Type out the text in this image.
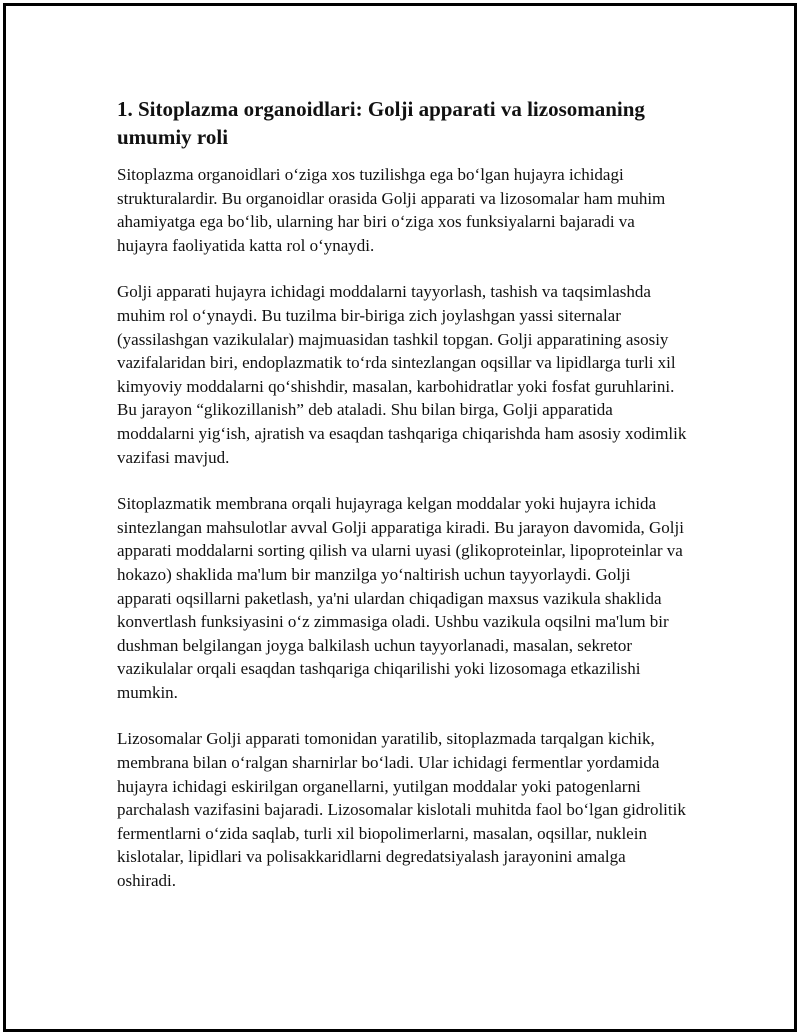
1. Sitoplazma organoidlari: Golji apparati va lizosomaning umumiy roli

Sitoplazma organoidlari o‘ziga xos tuzilishga ega bo‘lgan hujayra ichidagi strukturalardir. Bu organoidlar orasida Golji apparati va lizosomalar ham muhim ahamiyatga ega bo‘lib, ularning har biri o‘ziga xos funksiyalarni bajaradi va hujayra faoliyatida katta rol o‘ynaydi.

Golji apparati hujayra ichidagi moddalarni tayyorlash, tashish va taqsimlashda muhim rol o‘ynaydi. Bu tuzilma bir-biriga zich joylashgan yassi siternalar (yassilashgan vazikulalar) majmuasidan tashkil topgan. Golji apparatining asosiy vazifalaridan biri, endoplazmatik to‘rda sintezlangan oqsillar va lipidlarga turli xil kimyoviy moddalarni qo‘shishdir, masalan, karbohidratlar yoki fosfat guruhlarini. Bu jarayon “glikozillanish” deb ataladi. Shu bilan birga, Golji apparatida moddalarni yig‘ish, ajratish va esaqdan tashqariga chiqarishda ham asosiy xodimlik vazifasi mavjud.

Sitoplazmatik membrana orqali hujayraga kelgan moddalar yoki hujayra ichida sintezlangan mahsulotlar avval Golji apparatiga kiradi. Bu jarayon davomida, Golji apparati moddalarni sorting qilish va ularni uyasi (glikoproteinlar, lipoproteinlar va hokazo) shaklida ma'lum bir manzilga yo‘naltirish uchun tayyorlaydi. Golji apparati oqsillarni paketlash, ya'ni ulardan chiqadigan maxsus vazikula shaklida konvertlash funksiyasini o‘z zimmasiga oladi. Ushbu vazikula oqsilni ma'lum bir dushman belgilangan joyga balkilash uchun tayyorlanadi, masalan, sekretor vazikulalar orqali esaqdan tashqariga chiqarilishi yoki lizosomaga etkazilishi mumkin.

Lizosomalar Golji apparati tomonidan yaratilib, sitoplazmada tarqalgan kichik, membrana bilan o‘ralgan sharnirlar bo‘ladi. Ular ichidagi fermentlar yordamida hujayra ichidagi eskirilgan organellarni, yutilgan moddalar yoki patogenlarni parchalash vazifasini bajaradi. Lizosomalar kislotali muhitda faol bo‘lgan gidrolitik fermentlarni o‘zida saqlab, turli xil biopolimerlarni, masalan, oqsillar, nuklein kislotalar, lipidlari va polisakkaridlarni degredatsiyalash jarayonini amalga oshiradi.
